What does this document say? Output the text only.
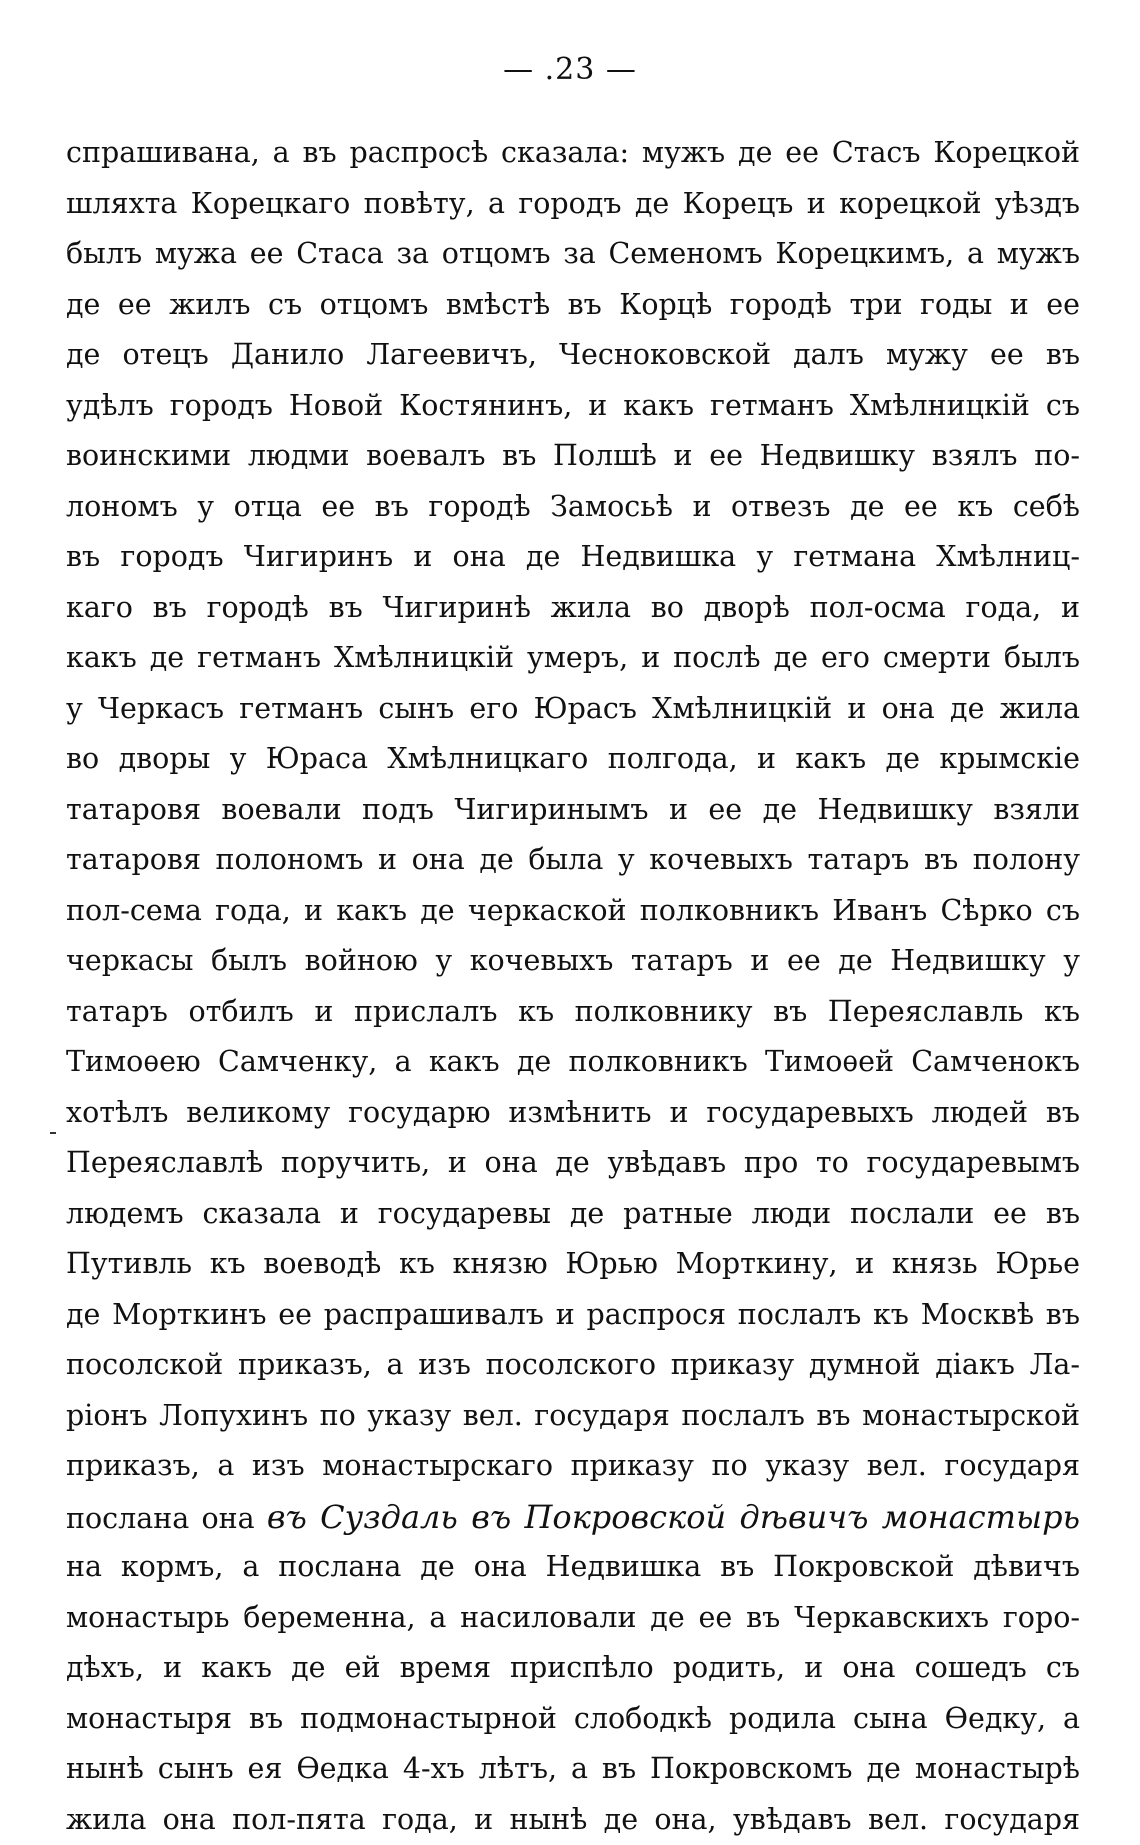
— .23 —
спрашивана, а въ распросѣ сказала: мужъ де ее Стасъ Корецкой
шляхта Корецкаго повѣту, а городъ де Корецъ и корецкой уѣздъ
былъ мужа ее Стаса за отцомъ за Семеномъ Корецкимъ, а мужъ
де ее жилъ съ отцомъ вмѣстѣ въ Корцѣ городѣ три годы и ее
де отецъ Данило Лагеевичъ, Чесноковской далъ мужу ее въ
удѣлъ городъ Новой Костянинъ, и какъ гетманъ Хмѣлницкій съ
воинскими людми воевалъ въ Полшѣ и ее Недвишку взялъ по-
лономъ у отца ее въ городѣ Замосьѣ и отвезъ де ее къ себѣ
въ городъ Чигиринъ и она де Недвишка у гетмана Хмѣлниц-
каго въ городѣ въ Чигиринѣ жила во дворѣ пол-осма года, и
какъ де гетманъ Хмѣлницкій умеръ, и послѣ де его смерти былъ
у Черкасъ гетманъ сынъ его Юрасъ Хмѣлницкій и она де жила
во дворы у Юраса Хмѣлницкаго полгода, и какъ де крымскіе
татаровя воевали подъ Чигиринымъ и ее де Недвишку взяли
татаровя полономъ и она де была у кочевыхъ татаръ въ полону
пол-сема года, и какъ де черкаской полковникъ Иванъ Сѣрко съ
черкасы былъ войною у кочевыхъ татаръ и ее де Недвишку у
татаръ отбилъ и прислалъ къ полковнику въ Переяславль къ
Тимоѳею Самченку, а какъ де полковникъ Тимоѳей Самченокъ
хотѣлъ великому государю измѣнить и государевыхъ людей въ
Переяславлѣ поручить, и она де увѣдавъ про то государевымъ
людемъ сказала и государевы де ратные люди послали ее въ
Путивль къ воеводѣ къ князю Юрью Морткину, и князь Юрье
де Морткинъ ее распрашивалъ и распрося послалъ къ Москвѣ въ
посолской приказъ, а изъ посолского приказу думной діакъ Ла-
ріонъ Лопухинъ по указу вел. государя послалъ въ монастырской
приказъ, а изъ монастырскаго приказу по указу вел. государя
послана она въ Суздаль въ Покровской дѣвичъ монастырь
на кормъ, а послана де она Недвишка въ Покровской дѣвичъ
монастырь беременна, а насиловали де ее въ Черкавскихъ горо-
дѣхъ, и какъ де ей время приспѣло родить, и она сошедъ съ
монастыря въ подмонастырной слободкѣ родила сына Ѳедку, а
нынѣ сынъ ея Ѳедка 4-хъ лѣтъ, а въ Покровскомъ де монастырѣ
жила она пол-пята года, и нынѣ де она, увѣдавъ вел. государя
